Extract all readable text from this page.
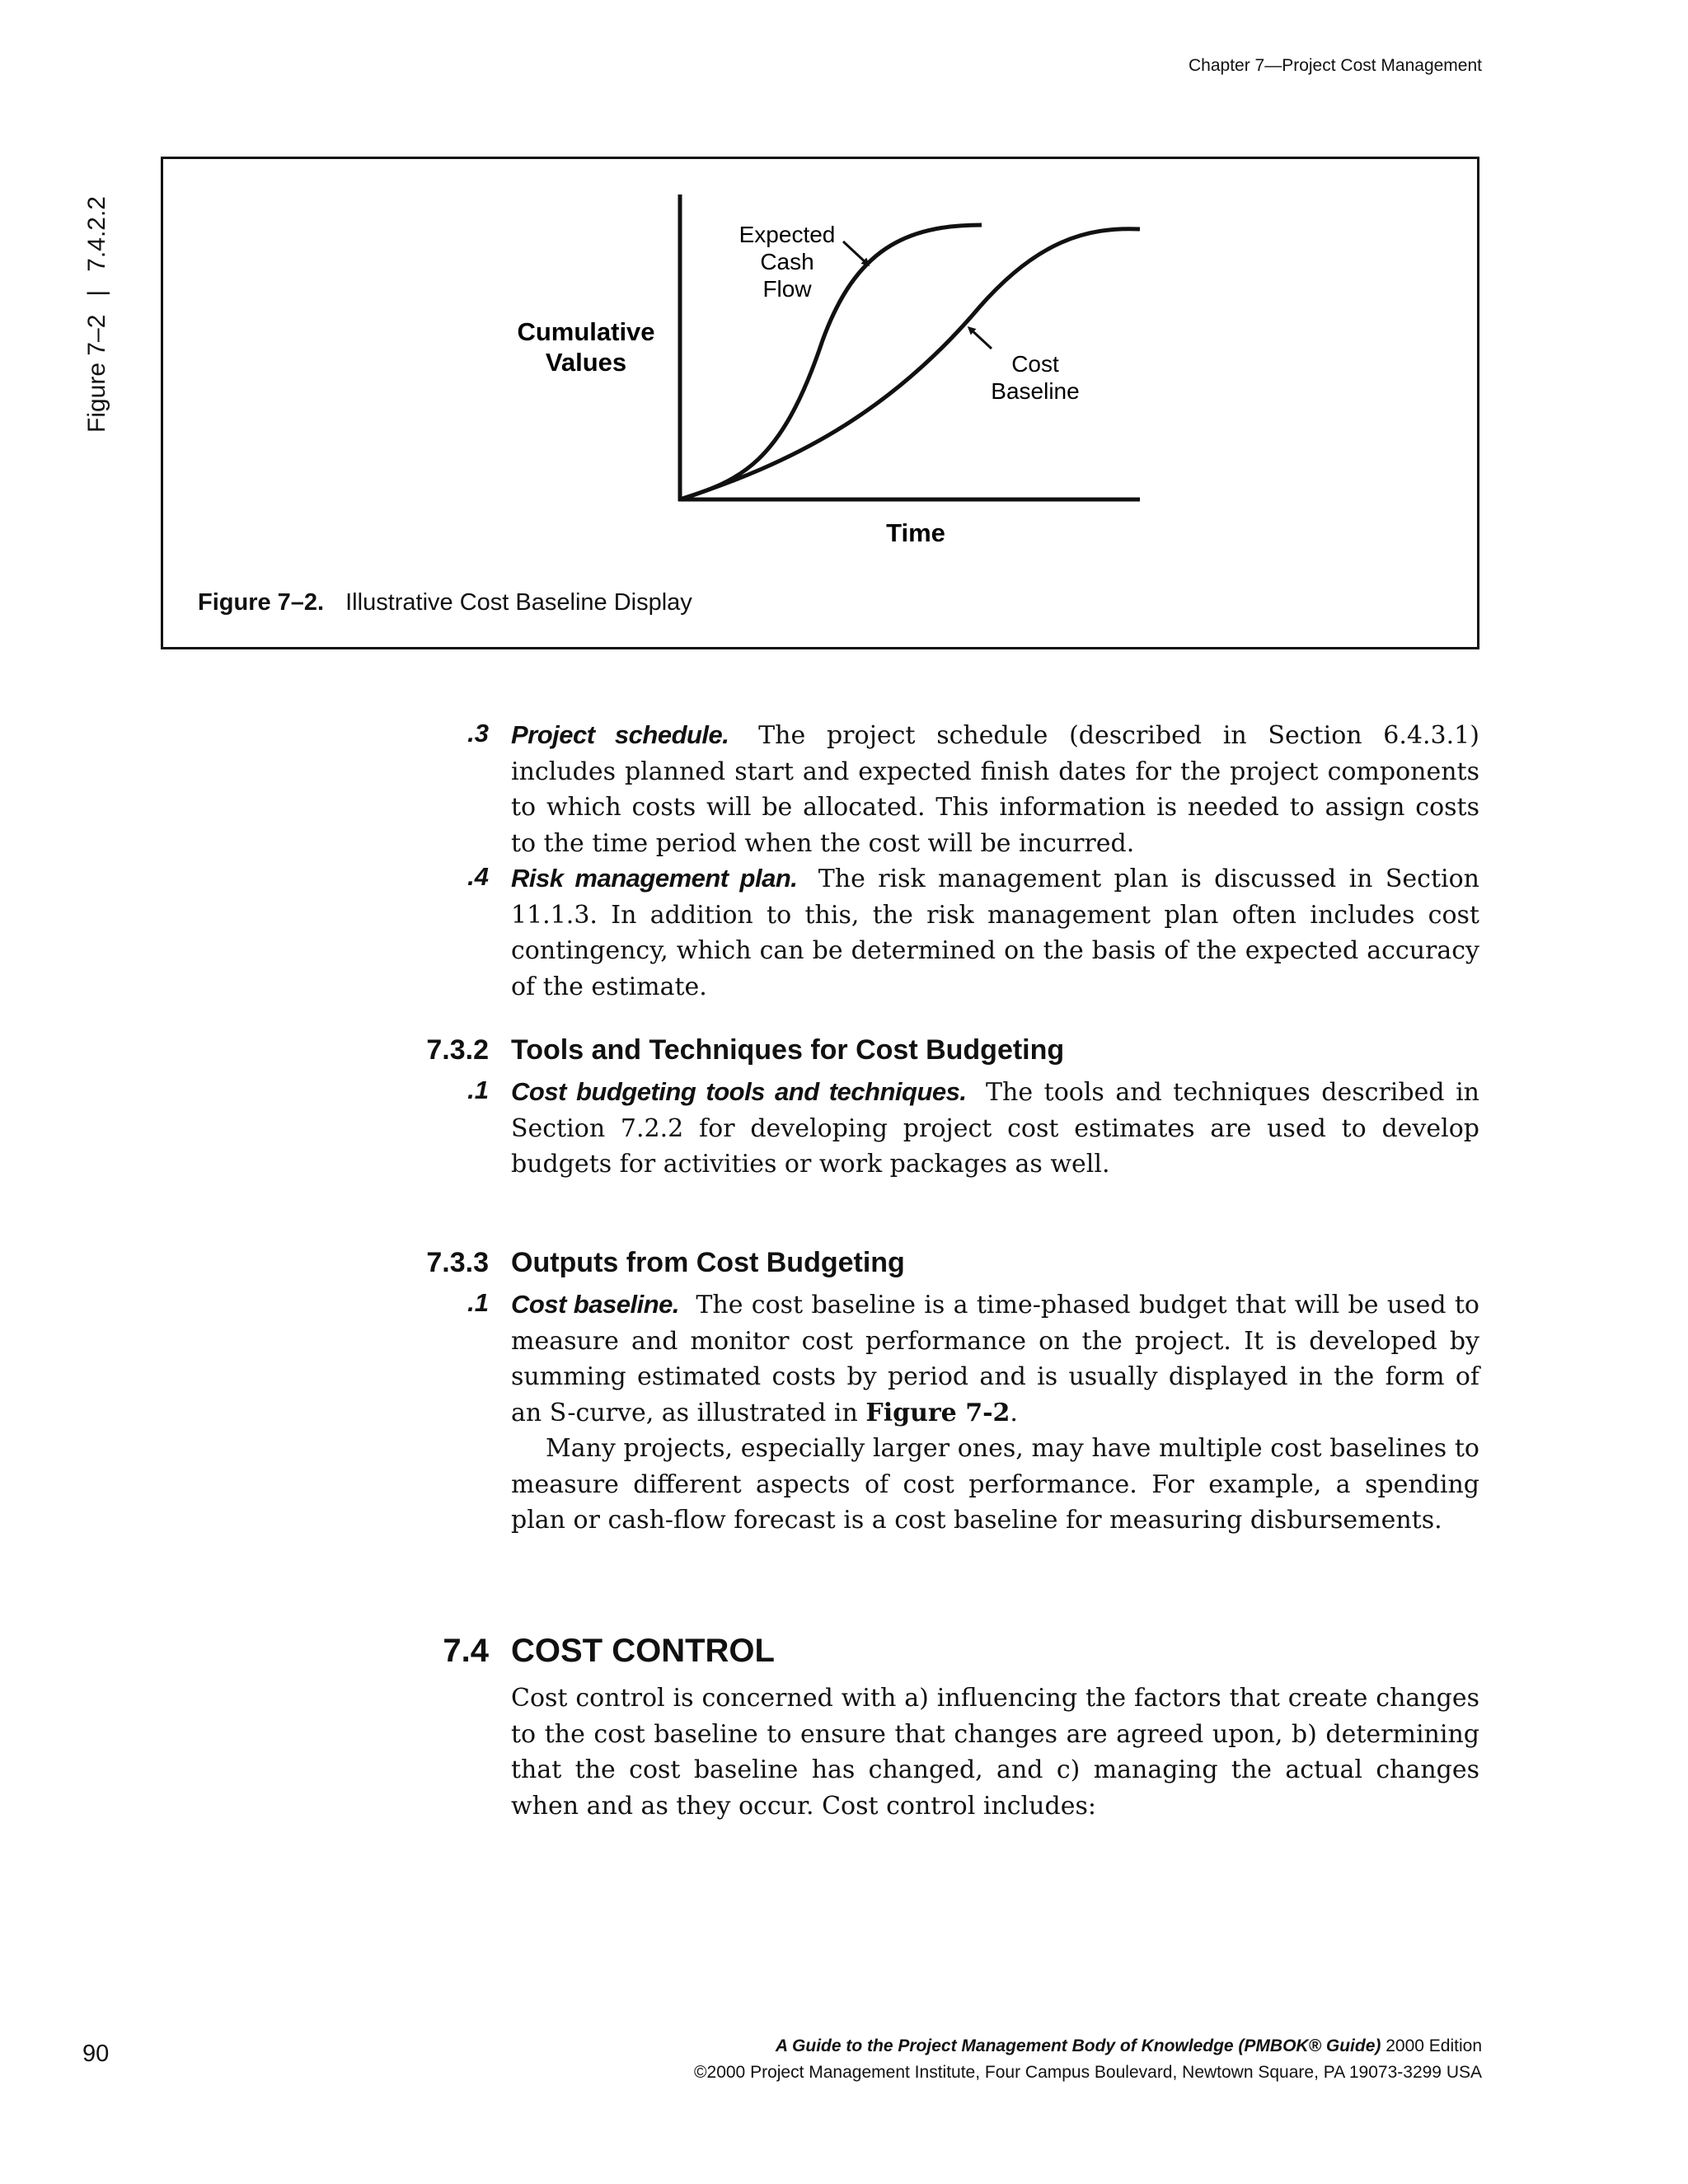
Chapter 7—Project Cost Management
Figure 7–2|7.4.2.2
Cumulative
Values
Time
Expected
Cash
Flow
Cost
Baseline
Figure 7–2. Illustrative Cost Baseline Display
.3 Project schedule. The project schedule (described in Section 6.4.3.1) includes planned start and expected finish dates for the project components to which costs will be allocated. This information is needed to assign costs to the time period when the cost will be incurred.
.4 Risk management plan. The risk management plan is discussed in Section 11.1.3. In addition to this, the risk management plan often includes cost contingency, which can be determined on the basis of the expected accuracy of the estimate.
7.3.2 Tools and Techniques for Cost Budgeting
.1 Cost budgeting tools and techniques. The tools and techniques described in Section 7.2.2 for developing project cost estimates are used to develop budgets for activities or work packages as well.
7.3.3 Outputs from Cost Budgeting
.1 Cost baseline. The cost baseline is a time-phased budget that will be used to measure and monitor cost performance on the project. It is developed by summing estimated costs by period and is usually displayed in the form of an S-curve, as illustrated in Figure 7-2.
Many projects, especially larger ones, may have multiple cost baselines to measure different aspects of cost performance. For example, a spending plan or cash-flow forecast is a cost baseline for measuring disbursements.
7.4 COST CONTROL
Cost control is concerned with a) influencing the factors that create changes to the cost baseline to ensure that changes are agreed upon, b) determining that the cost baseline has changed, and c) managing the actual changes when and as they occur. Cost control includes:
90	A Guide to the Project Management Body of Knowledge (PMBOK® Guide) 2000 Edition
©2000 Project Management Institute, Four Campus Boulevard, Newtown Square, PA 19073-3299 USA
